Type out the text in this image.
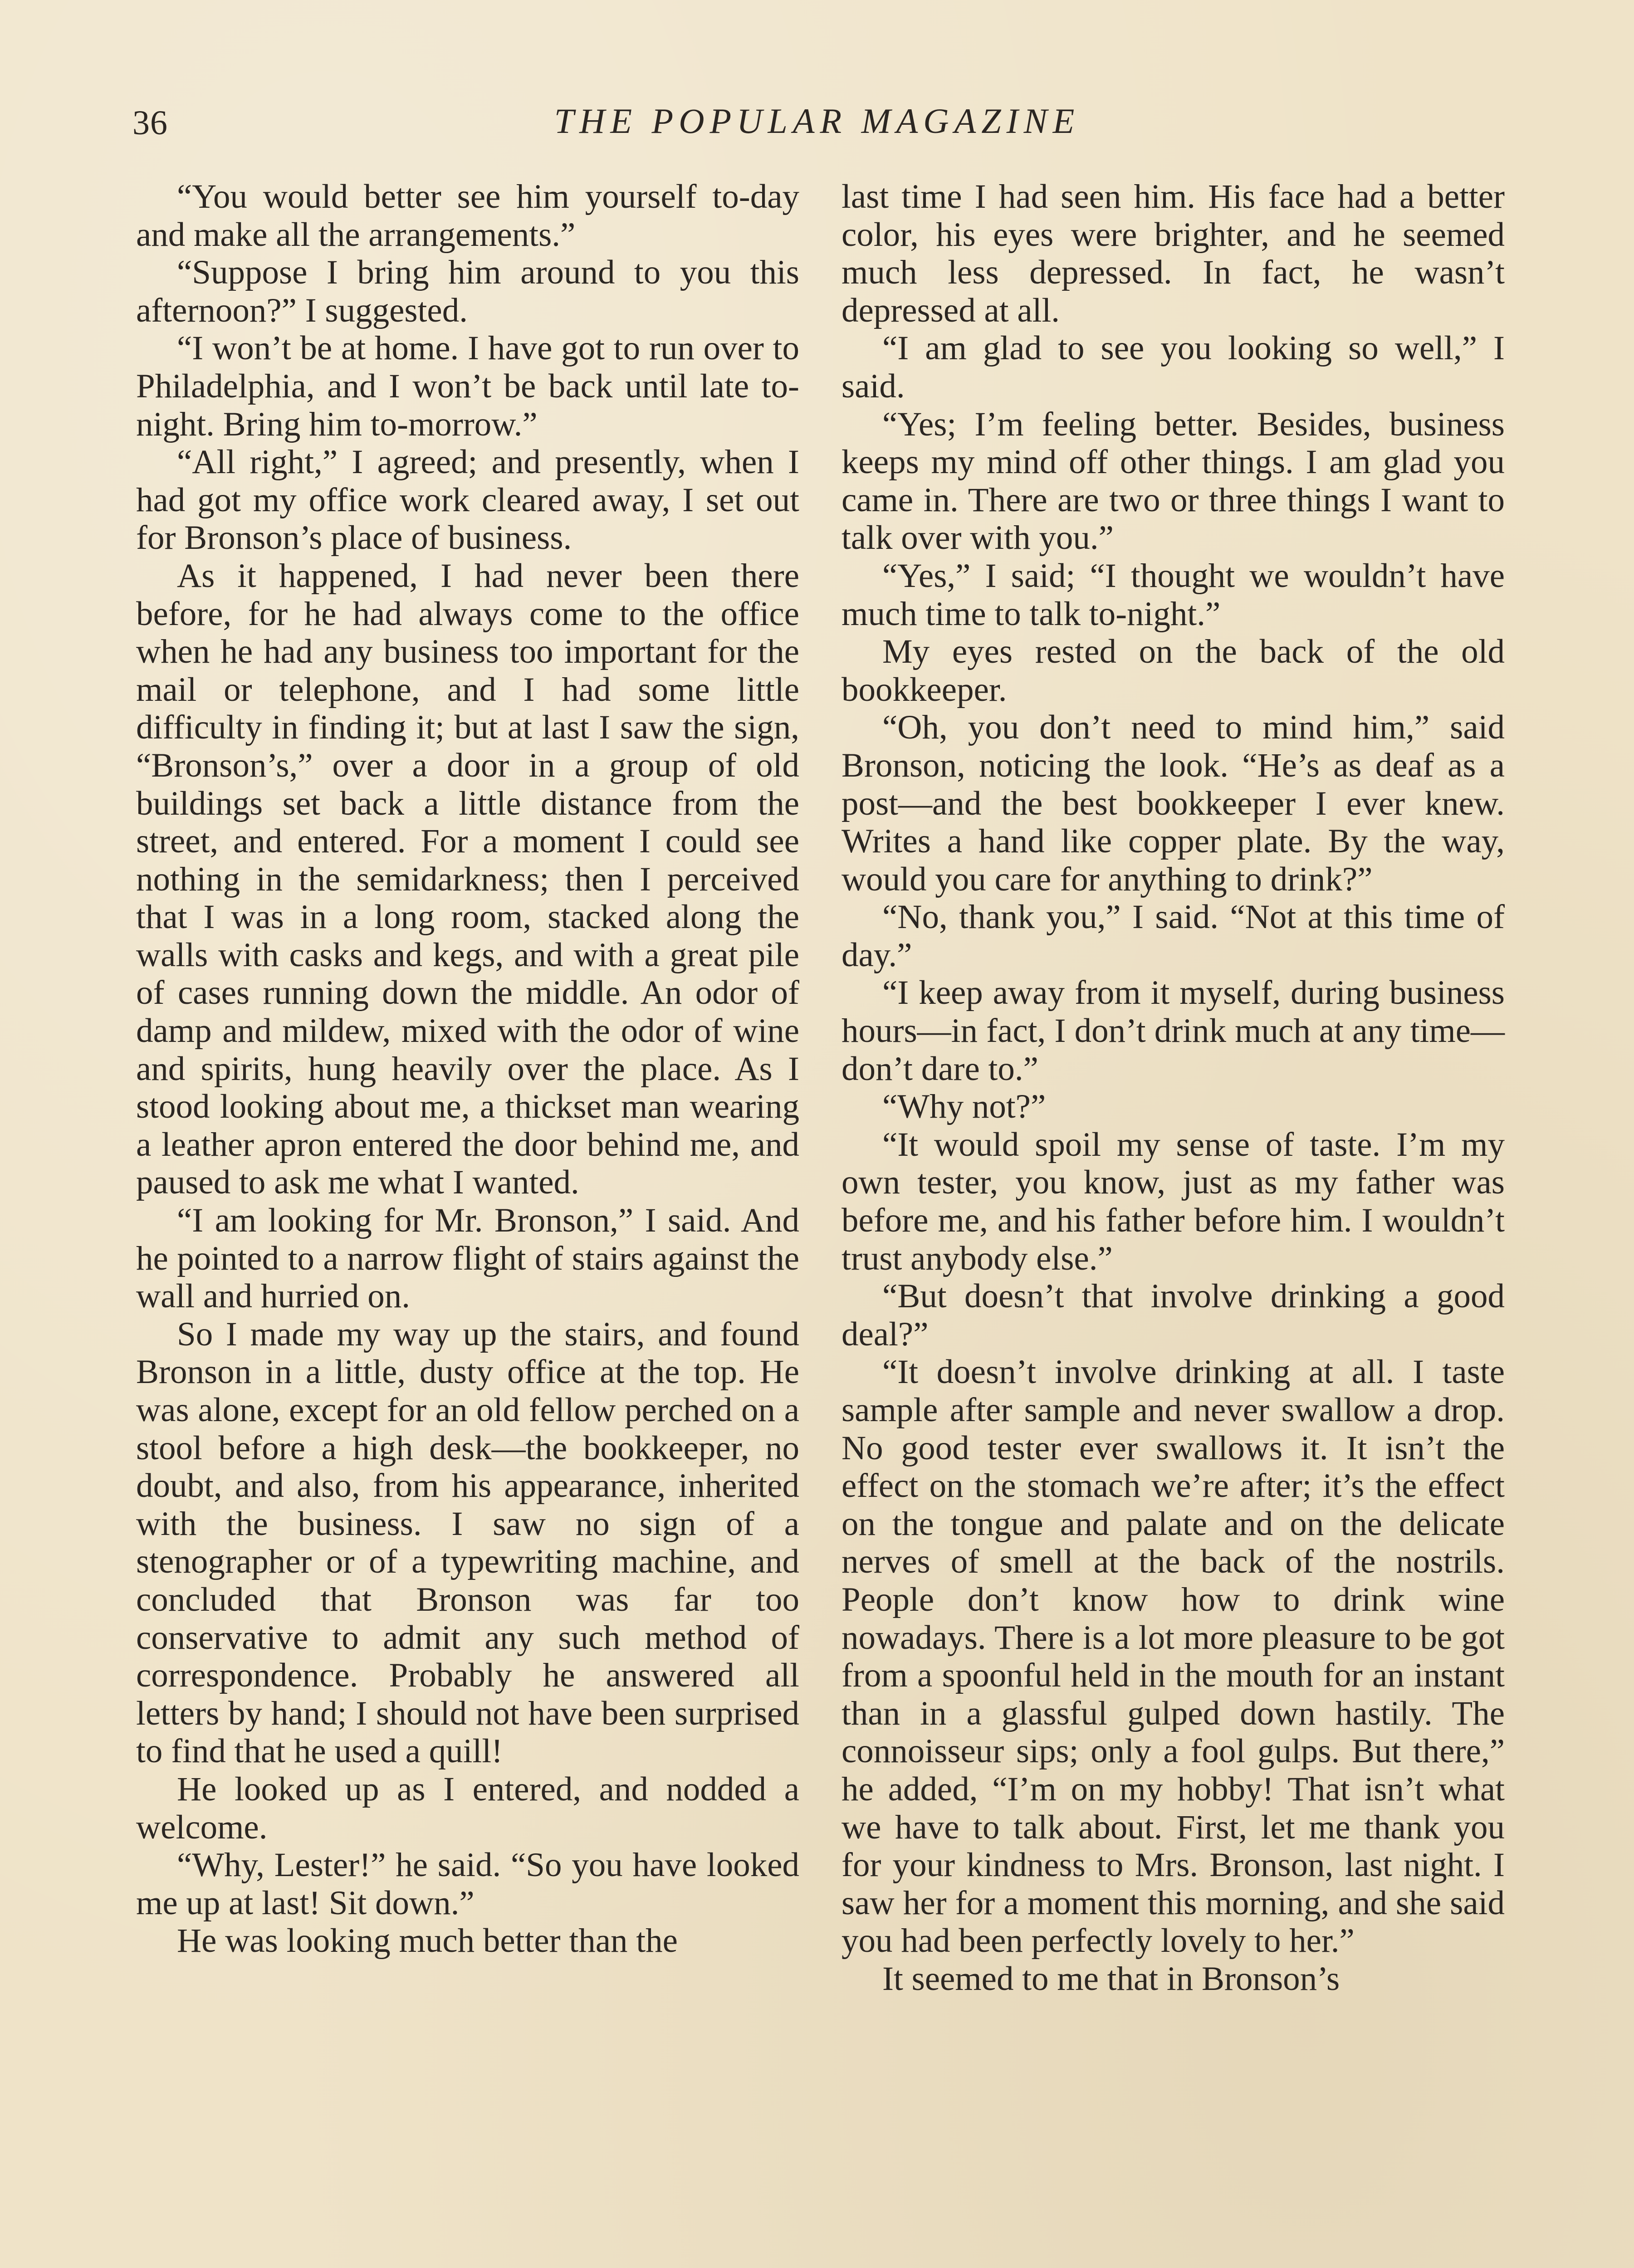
36	THE POPULAR MAGAZINE

“You would better see him yourself to-day and make all the arrangements.”

“Suppose I bring him around to you this afternoon?” I suggested.

“I won’t be at home. I have got to run over to Philadelphia, and I won’t be back until late to-night. Bring him to-morrow.”

“All right,” I agreed; and presently, when I had got my office work cleared away, I set out for Bronson’s place of business.

As it happened, I had never been there before, for he had always come to the office when he had any business too important for the mail or telephone, and I had some little difficulty in finding it; but at last I saw the sign, “Bronson’s,” over a door in a group of old buildings set back a little distance from the street, and entered. For a moment I could see nothing in the semidarkness; then I perceived that I was in a long room, stacked along the walls with casks and kegs, and with a great pile of cases running down the middle. An odor of damp and mildew, mixed with the odor of wine and spirits, hung heavily over the place. As I stood looking about me, a thickset man wearing a leather apron entered the door behind me, and paused to ask me what I wanted.

“I am looking for Mr. Bronson,” I said. And he pointed to a narrow flight of stairs against the wall and hurried on.

So I made my way up the stairs, and found Bronson in a little, dusty office at the top. He was alone, except for an old fellow perched on a stool before a high desk—the bookkeeper, no doubt, and also, from his appearance, inherited with the business. I saw no sign of a stenographer or of a typewriting machine, and concluded that Bronson was far too conservative to admit any such method of correspondence. Probably he answered all letters by hand; I should not have been surprised to find that he used a quill!

He looked up as I entered, and nodded a welcome.

“Why, Lester!” he said. “So you have looked me up at last! Sit down.”

He was looking much better than the

last time I had seen him. His face had a better color, his eyes were brighter, and he seemed much less depressed. In fact, he wasn’t depressed at all.

“I am glad to see you looking so well,” I said.

“Yes; I’m feeling better. Besides, business keeps my mind off other things. I am glad you came in. There are two or three things I want to talk over with you.”

“Yes,” I said; “I thought we wouldn’t have much time to talk to-night.”

My eyes rested on the back of the old bookkeeper.

“Oh, you don’t need to mind him,” said Bronson, noticing the look. “He’s as deaf as a post—and the best bookkeeper I ever knew. Writes a hand like copper plate. By the way, would you care for anything to drink?”

“No, thank you,” I said. “Not at this time of day.”

“I keep away from it myself, during business hours—in fact, I don’t drink much at any time—don’t dare to.”

“Why not?”

“It would spoil my sense of taste. I’m my own tester, you know, just as my father was before me, and his father before him. I wouldn’t trust anybody else.”

“But doesn’t that involve drinking a good deal?”

“It doesn’t involve drinking at all. I taste sample after sample and never swallow a drop. No good tester ever swallows it. It isn’t the effect on the stomach we’re after; it’s the effect on the tongue and palate and on the delicate nerves of smell at the back of the nostrils. People don’t know how to drink wine nowadays. There is a lot more pleasure to be got from a spoonful held in the mouth for an instant than in a glassful gulped down hastily. The connoisseur sips; only a fool gulps. But there,” he added, “I’m on my hobby! That isn’t what we have to talk about. First, let me thank you for your kindness to Mrs. Bronson, last night. I saw her for a moment this morning, and she said you had been perfectly lovely to her.”

It seemed to me that in Bronson’s
